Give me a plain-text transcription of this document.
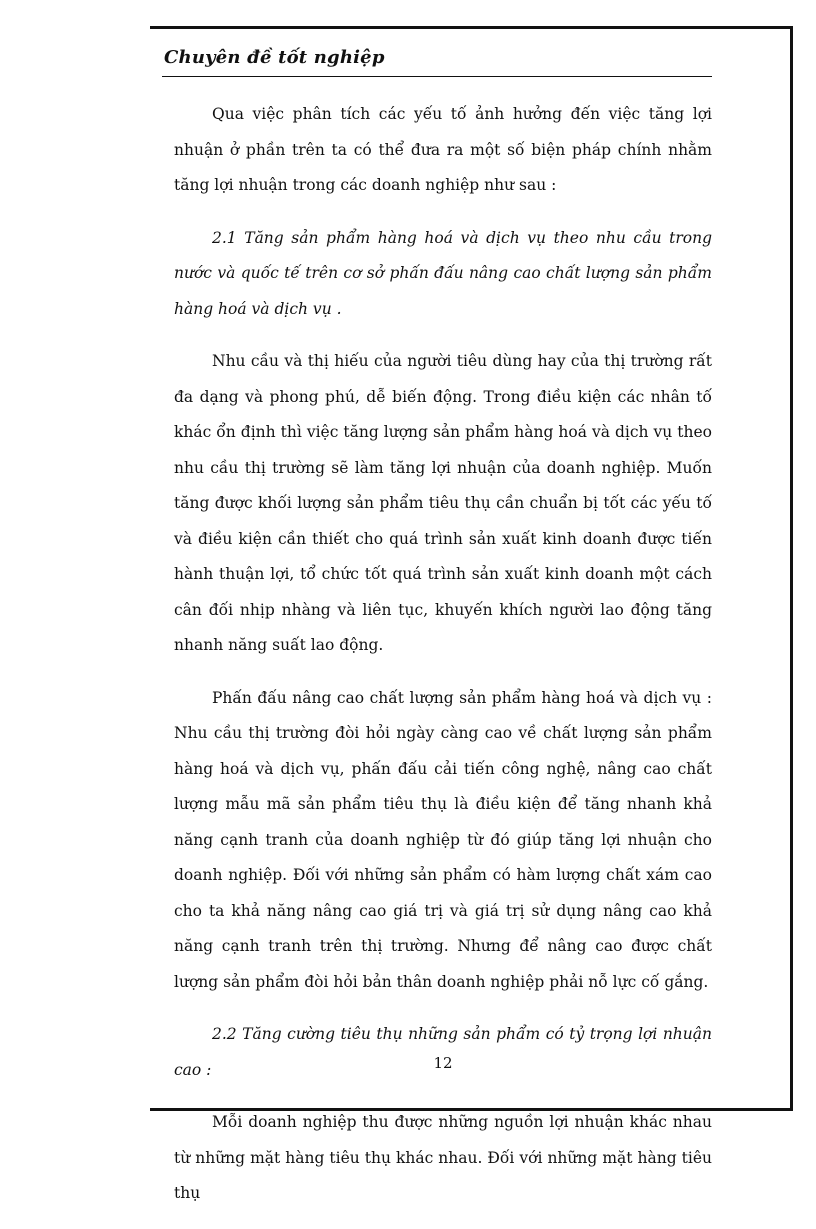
Chuyên đề tốt nghiệp

Qua việc phân tích các yếu tố ảnh hưởng đến việc tăng lợi nhuận ở phần trên ta có thể đưa ra một số biện pháp chính nhằm tăng lợi nhuận trong các doanh nghiệp như sau :

2.1 Tăng sản phẩm hàng hoá và dịch vụ theo nhu cầu trong nước và quốc tế trên cơ sở phấn đấu nâng cao chất lượng sản phẩm hàng hoá và dịch vụ .

Nhu cầu và thị hiếu của người tiêu dùng hay của thị trường rất đa dạng và phong phú, dễ biến động. Trong điều kiện các nhân tố khác ổn định thì việc tăng lượng sản phẩm hàng hoá và dịch vụ theo nhu cầu thị trường sẽ làm tăng lợi nhuận của doanh nghiệp. Muốn tăng được khối lượng sản phẩm tiêu thụ cần chuẩn bị tốt các yếu tố và điều kiện cần thiết cho quá trình sản xuất kinh doanh được tiến hành thuận lợi, tổ chức tốt quá trình sản xuất kinh doanh một cách cân đối nhịp nhàng và liên tục, khuyến khích người lao động tăng nhanh năng suất lao động.

Phấn đấu nâng cao chất lượng sản phẩm hàng hoá và dịch vụ : Nhu cầu thị trường đòi hỏi ngày càng cao về chất lượng sản phẩm hàng hoá và dịch vụ, phấn đấu cải tiến công nghệ, nâng cao chất lượng mẫu mã sản phẩm tiêu thụ là điều kiện để tăng nhanh khả năng cạnh tranh của doanh nghiệp từ đó giúp tăng lợi nhuận cho doanh nghiệp. Đối với những sản phẩm có hàm lượng chất xám cao cho ta khả năng nâng cao giá trị và giá trị sử dụng nâng cao khả năng cạnh tranh trên thị trường. Nhưng để nâng cao được chất lượng sản phẩm đòi hỏi bản thân doanh nghiệp phải nỗ lực cố gắng.

2.2 Tăng cường tiêu thụ những sản phẩm có tỷ trọng lợi nhuận cao :

Mỗi doanh nghiệp thu được những nguồn lợi nhuận khác nhau từ những mặt hàng tiêu thụ khác nhau. Đối với những mặt hàng tiêu thụ

12
